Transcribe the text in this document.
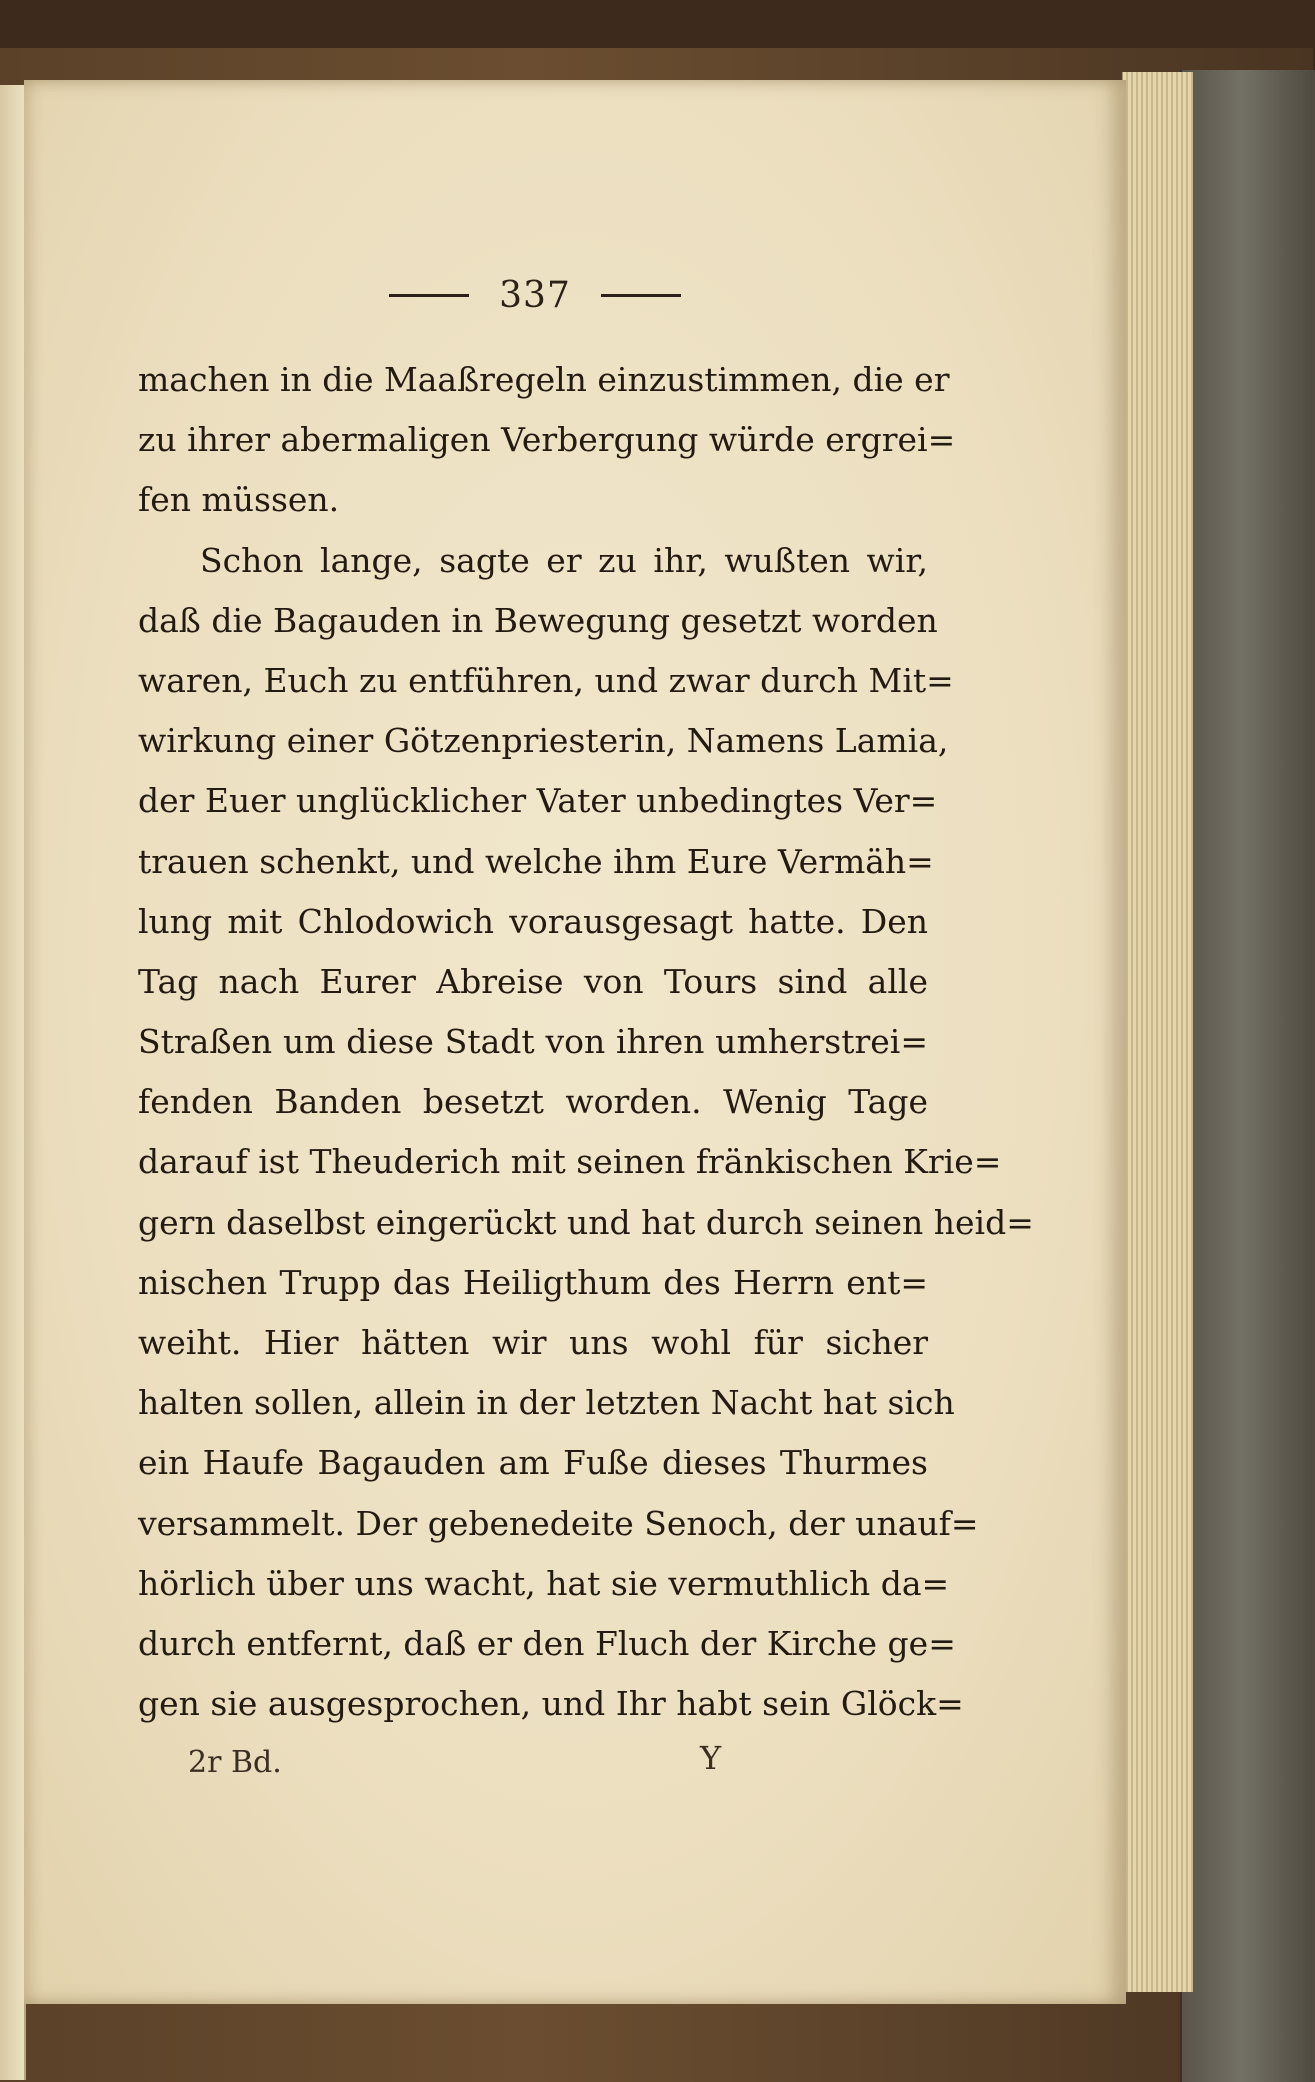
337
machen in die Maaßregeln einzustimmen, die er
zu ihrer abermaligen Verbergung würde ergrei=
fen müssen.
Schon lange, sagte er zu ihr, wußten wir,
daß die Bagauden in Bewegung gesetzt worden
waren, Euch zu entführen, und zwar durch Mit=
wirkung einer Götzenpriesterin, Namens Lamia,
der Euer unglücklicher Vater unbedingtes Ver=
trauen schenkt, und welche ihm Eure Vermäh=
lung mit Chlodowich vorausgesagt hatte. Den
Tag nach Eurer Abreise von Tours sind alle
Straßen um diese Stadt von ihren umherstrei=
fenden Banden besetzt worden. Wenig Tage
darauf ist Theuderich mit seinen fränkischen Krie=
gern daselbst eingerückt und hat durch seinen heid=
nischen Trupp das Heiligthum des Herrn ent=
weiht. Hier hätten wir uns wohl für sicher
halten sollen, allein in der letzten Nacht hat sich
ein Haufe Bagauden am Fuße dieses Thurmes
versammelt. Der gebenedeite Senoch, der unauf=
hörlich über uns wacht, hat sie vermuthlich da=
durch entfernt, daß er den Fluch der Kirche ge=
gen sie ausgesprochen, und Ihr habt sein Glöck=
2r Bd.	Y
